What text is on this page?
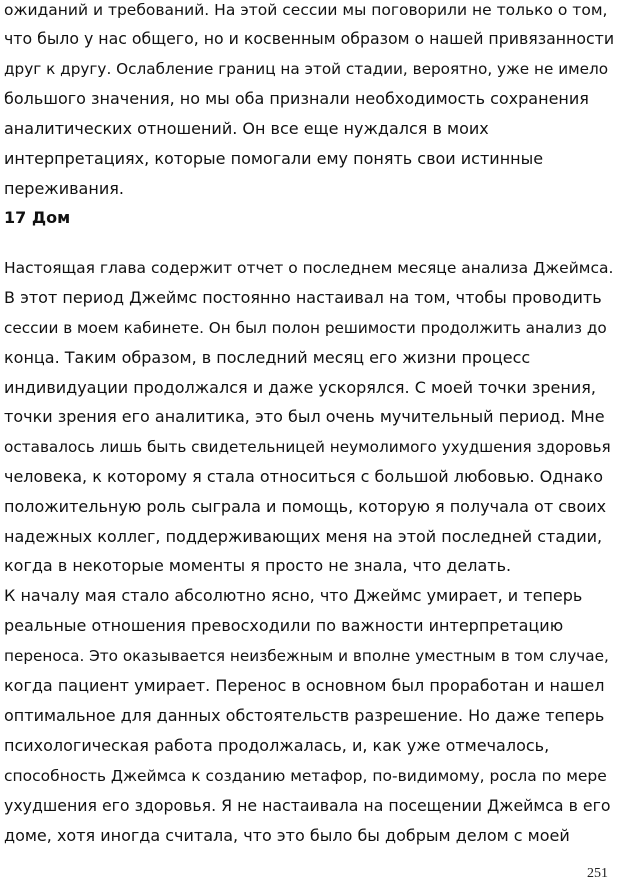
ожиданий и требований. На этой сессии мы поговорили не только о том,
что было у нас общего, но и косвенным образом о нашей привязанности
друг к другу. Ослабление границ на этой стадии, вероятно, уже не имело
большого значения, но мы оба признали необходимость сохранения
аналитических отношений. Он все еще нуждался в моих
интерпретациях, которые помогали ему понять свои истинные
переживания.
17 Дом
Настоящая глава содержит отчет о последнем месяце анализа Джеймса.
В этот период Джеймс постоянно настаивал на том, чтобы проводить
сессии в моем кабинете. Он был полон решимости продолжить анализ до
конца. Таким образом, в последний месяц его жизни процесс
индивидуации продолжался и даже ускорялся. С моей точки зрения,
точки зрения его аналитика, это был очень мучительный период. Мне
оставалось лишь быть свидетельницей неумолимого ухудшения здоровья
человека, к которому я стала относиться с большой любовью. Однако
положительную роль сыграла и помощь, которую я получала от своих
надежных коллег, поддерживающих меня на этой последней стадии,
когда в некоторые моменты я просто не знала, что делать.
К началу мая стало абсолютно ясно, что Джеймс умирает, и теперь
реальные отношения превосходили по важности интерпретацию
переноса. Это оказывается неизбежным и вполне уместным в том случае,
когда пациент умирает. Перенос в основном был проработан и нашел
оптимальное для данных обстоятельств разрешение. Но даже теперь
психологическая работа продолжалась, и, как уже отмечалось,
способность Джеймса к созданию метафор, по-видимому, росла по мере
ухудшения его здоровья. Я не настаивала на посещении Джеймса в его
доме, хотя иногда считала, что это было бы добрым делом с моей
251
